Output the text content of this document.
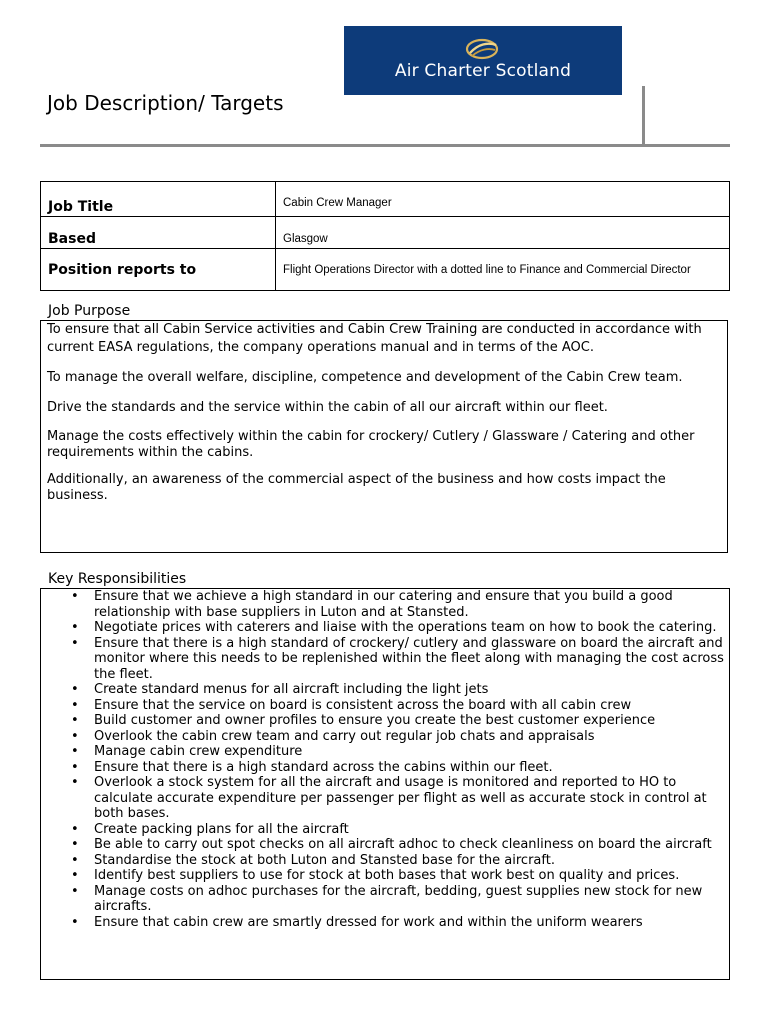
Air Charter Scotland
Job Description/ Targets
Job Title	Cabin Crew Manager
Based	Glasgow
Position reports to	Flight Operations Director with a dotted line to Finance and Commercial Director
Job Purpose

To ensure that all Cabin Service activities and Cabin Crew Training are conducted in accordance with current EASA regulations, the company operations manual and in terms of the AOC.

To manage the overall welfare, discipline, competence and development of the Cabin Crew team.

Drive the standards and the service within the cabin of all our aircraft within our fleet.

Manage the costs effectively within the cabin for crockery/ Cutlery / Glassware / Catering and other requirements within the cabins.

Additionally, an awareness of the commercial aspect of the business and how costs impact the business.

Key Responsibilities
• Ensure that we achieve a high standard in our catering and ensure that you build a good relationship with base suppliers in Luton and at Stansted.
• Negotiate prices with caterers and liaise with the operations team on how to book the catering.
• Ensure that there is a high standard of crockery/ cutlery and glassware on board the aircraft and monitor where this needs to be replenished within the fleet along with managing the cost across the fleet.
• Create standard menus for all aircraft including the light jets
• Ensure that the service on board is consistent across the board with all cabin crew
• Build customer and owner profiles to ensure you create the best customer experience
• Overlook the cabin crew team and carry out regular job chats and appraisals
• Manage cabin crew expenditure
• Ensure that there is a high standard across the cabins within our fleet.
• Overlook a stock system for all the aircraft and usage is monitored and reported to HO to calculate accurate expenditure per passenger per flight as well as accurate stock in control at both bases.
• Create packing plans for all the aircraft
• Be able to carry out spot checks on all aircraft adhoc to check cleanliness on board the aircraft
• Standardise the stock at both Luton and Stansted base for the aircraft.
• Identify best suppliers to use for stock at both bases that work best on quality and prices.
• Manage costs on adhoc purchases for the aircraft, bedding, guest supplies new stock for new aircrafts.
• Ensure that cabin crew are smartly dressed for work and within the uniform wearers
